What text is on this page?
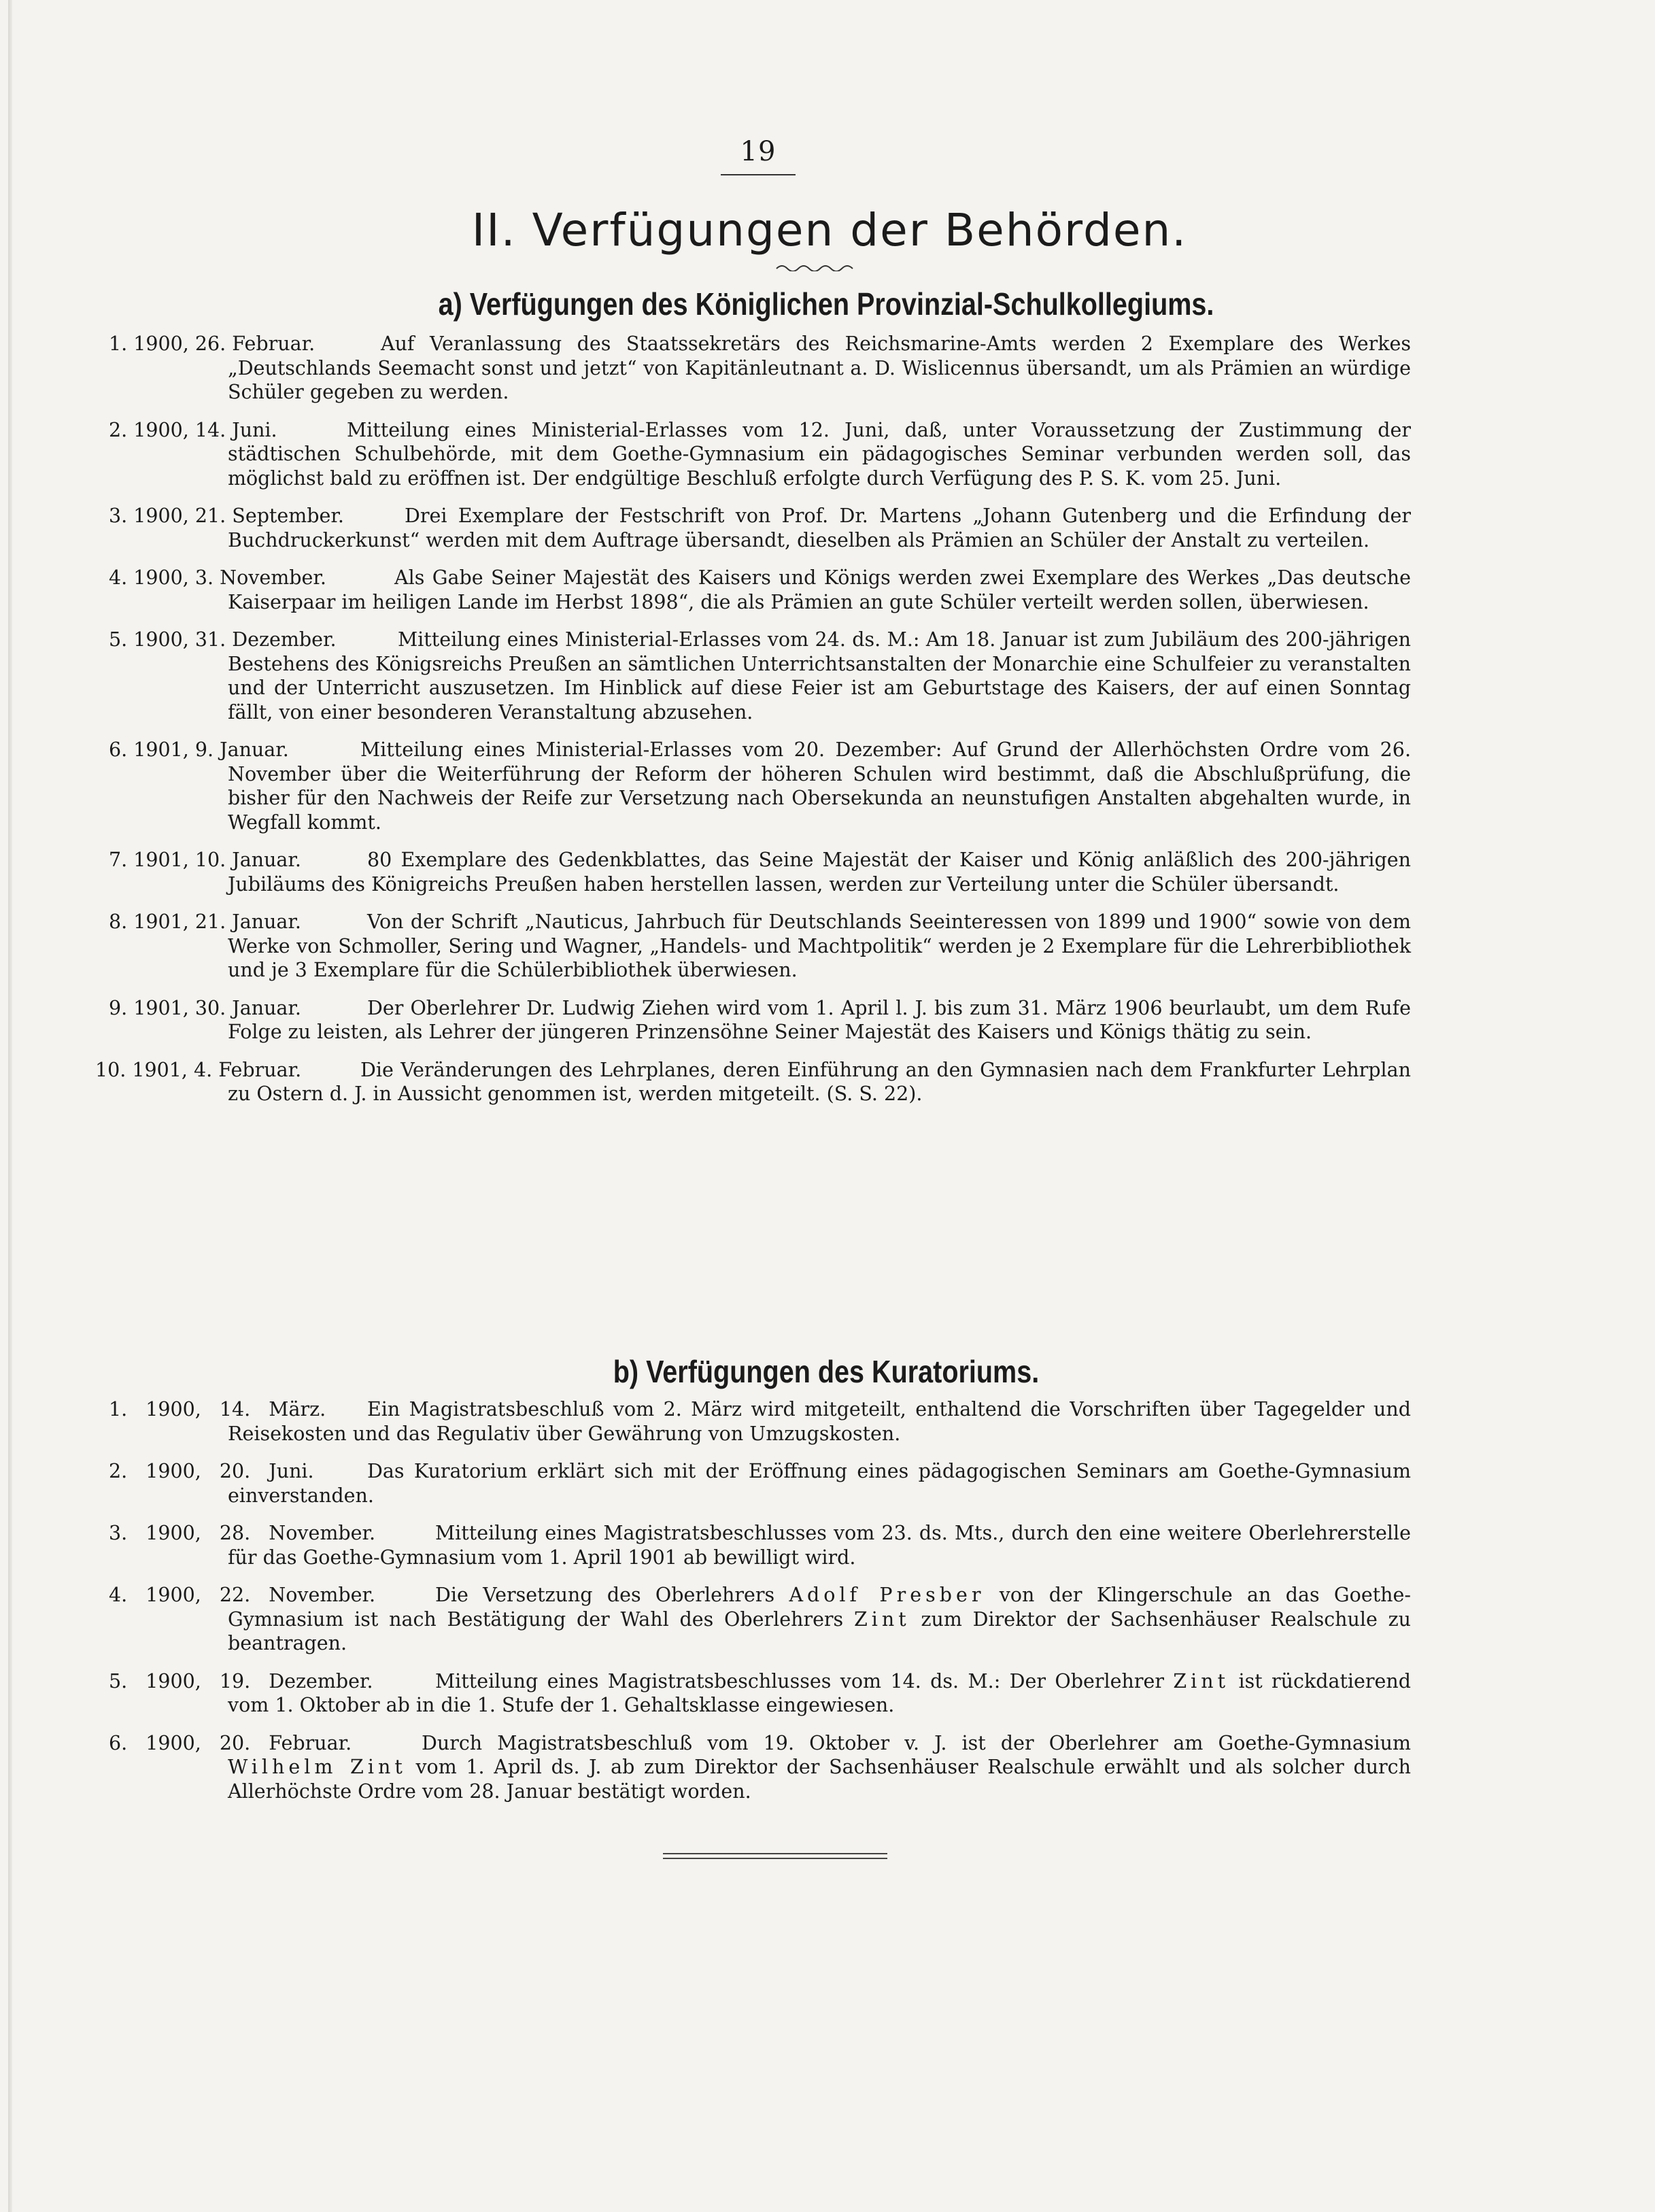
19
II. Verfügungen der Behörden.
a) Verfügungen des Königlichen Provinzial-Schulkollegiums.
1. 1900, 26. Februar.	Auf Veranlassung des Staatssekretärs des Reichsmarine-Amts werden 2 Exemplare des Werkes „Deutschlands Seemacht sonst und jetzt“ von Kapitänleutnant a. D. Wislicennus übersandt, um als Prämien an würdige Schüler gegeben zu werden.
2. 1900, 14. Juni.	Mitteilung eines Ministerial-Erlasses vom 12. Juni, daß, unter Voraussetzung der Zustimmung der städtischen Schulbehörde, mit dem Goethe-Gymnasium ein pädagogisches Seminar verbunden werden soll, das möglichst bald zu eröffnen ist. Der endgültige Beschluß erfolgte durch Verfügung des P. S. K. vom 25. Juni.
3. 1900, 21. September.	Drei Exemplare der Festschrift von Prof. Dr. Martens „Johann Gutenberg und die Erfindung der Buchdruckerkunst“ werden mit dem Auftrage übersandt, dieselben als Prämien an Schüler der Anstalt zu verteilen.
4. 1900, 3. November.	Als Gabe Seiner Majestät des Kaisers und Königs werden zwei Exemplare des Werkes „Das deutsche Kaiserpaar im heiligen Lande im Herbst 1898“, die als Prämien an gute Schüler verteilt werden sollen, überwiesen.
5. 1900, 31. Dezember.	Mitteilung eines Ministerial-Erlasses vom 24. ds. M.: Am 18. Januar ist zum Jubiläum des 200-jährigen Bestehens des Königsreichs Preußen an sämtlichen Unterrichtsanstalten der Monarchie eine Schulfeier zu veranstalten und der Unterricht auszusetzen. Im Hinblick auf diese Feier ist am Geburtstage des Kaisers, der auf einen Sonntag fällt, von einer besonderen Veranstaltung abzusehen.
6. 1901, 9. Januar.	Mitteilung eines Ministerial-Erlasses vom 20. Dezember: Auf Grund der Allerhöchsten Ordre vom 26. November über die Weiterführung der Reform der höheren Schulen wird bestimmt, daß die Abschlußprüfung, die bisher für den Nachweis der Reife zur Versetzung nach Obersekunda an neunstufigen Anstalten abgehalten wurde, in Wegfall kommt.
7. 1901, 10. Januar.	80 Exemplare des Gedenkblattes, das Seine Majestät der Kaiser und König anläßlich des 200-jährigen Jubiläums des Königreichs Preußen haben herstellen lassen, werden zur Verteilung unter die Schüler übersandt.
8. 1901, 21. Januar.	Von der Schrift „Nauticus, Jahrbuch für Deutschlands Seeinteressen von 1899 und 1900“ sowie von dem Werke von Schmoller, Sering und Wagner, „Handels- und Machtpolitik“ werden je 2 Exemplare für die Lehrerbibliothek und je 3 Exemplare für die Schülerbibliothek überwiesen.
9. 1901, 30. Januar.	Der Oberlehrer Dr. Ludwig Ziehen wird vom 1. April l. J. bis zum 31. März 1906 beurlaubt, um dem Rufe Folge zu leisten, als Lehrer der jüngeren Prinzensöhne Seiner Majestät des Kaisers und Königs thätig zu sein.
10. 1901, 4. Februar.	Die Veränderungen des Lehrplanes, deren Einführung an den Gymnasien nach dem Frankfurter Lehrplan zu Ostern d. J. in Aussicht genommen ist, werden mitgeteilt. (S. S. 22).
b) Verfügungen des Kuratoriums.
1. 1900, 14. März.	Ein Magistratsbeschluß vom 2. März wird mitgeteilt, enthaltend die Vorschriften über Tagegelder und Reisekosten und das Regulativ über Gewährung von Umzugskosten.
2. 1900, 20. Juni.	Das Kuratorium erklärt sich mit der Eröffnung eines pädagogischen Seminars am Goethe-Gymnasium einverstanden.
3. 1900, 28. November.	Mitteilung eines Magistratsbeschlusses vom 23. ds. Mts., durch den eine weitere Oberlehrerstelle für das Goethe-Gymnasium vom 1. April 1901 ab bewilligt wird.
4. 1900, 22. November.	Die Versetzung des Oberlehrers Adolf Presber von der Klingerschule an das Goethe-Gymnasium ist nach Bestätigung der Wahl des Oberlehrers Zint zum Direktor der Sachsenhäuser Realschule zu beantragen.
5. 1900, 19. Dezember.	Mitteilung eines Magistratsbeschlusses vom 14. ds. M.: Der Oberlehrer Zint ist rückdatierend vom 1. Oktober ab in die 1. Stufe der 1. Gehaltsklasse eingewiesen.
6. 1900, 20. Februar.	Durch Magistratsbeschluß vom 19. Oktober v. J. ist der Oberlehrer am Goethe-Gymnasium Wilhelm Zint vom 1. April ds. J. ab zum Direktor der Sachsenhäuser Realschule erwählt und als solcher durch Allerhöchste Ordre vom 28. Januar bestätigt worden.
